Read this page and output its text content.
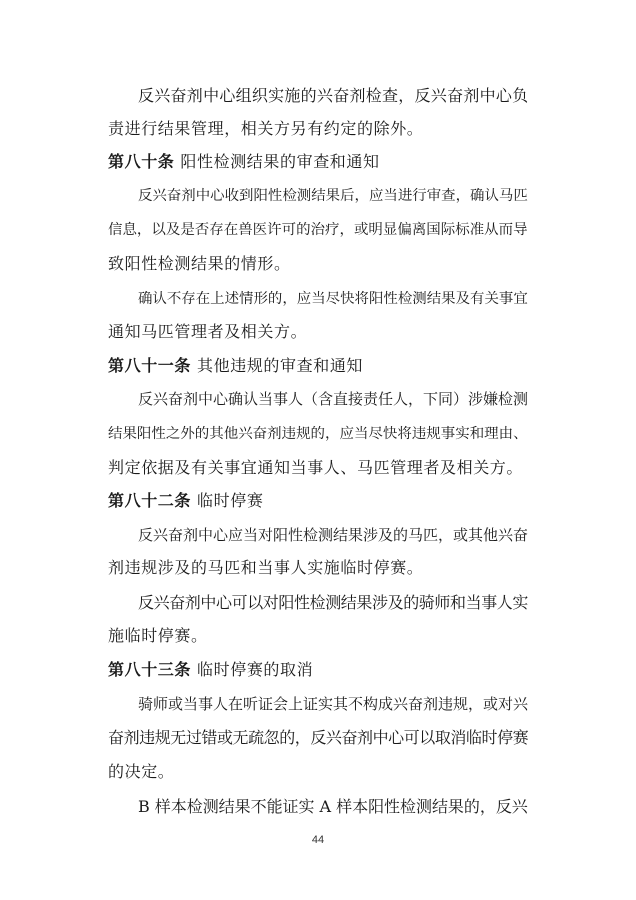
反兴奋剂中心组织实施的兴奋剂检查，反兴奋剂中心负
责进行结果管理，相关方另有约定的除外。
第八十条 阳性检测结果的审查和通知
反兴奋剂中心收到阳性检测结果后，应当进行审查，确认马匹
信息，以及是否存在兽医许可的治疗，或明显偏离国际标准从而导
致阳性检测结果的情形。
确认不存在上述情形的，应当尽快将阳性检测结果及有关事宜
通知马匹管理者及相关方。
第八十一条 其他违规的审查和通知
反兴奋剂中心确认当事人（含直接责任人，下同）涉嫌检测
结果阳性之外的其他兴奋剂违规的，应当尽快将违规事实和理由、
判定依据及有关事宜通知当事人、马匹管理者及相关方。
第八十二条 临时停赛
反兴奋剂中心应当对阳性检测结果涉及的马匹，或其他兴奋
剂违规涉及的马匹和当事人实施临时停赛。
反兴奋剂中心可以对阳性检测结果涉及的骑师和当事人实
施临时停赛。
第八十三条 临时停赛的取消
骑师或当事人在听证会上证实其不构成兴奋剂违规，或对兴
奋剂违规无过错或无疏忽的，反兴奋剂中心可以取消临时停赛
的决定。
B 样本检测结果不能证实 A 样本阳性检测结果的，反兴
44
